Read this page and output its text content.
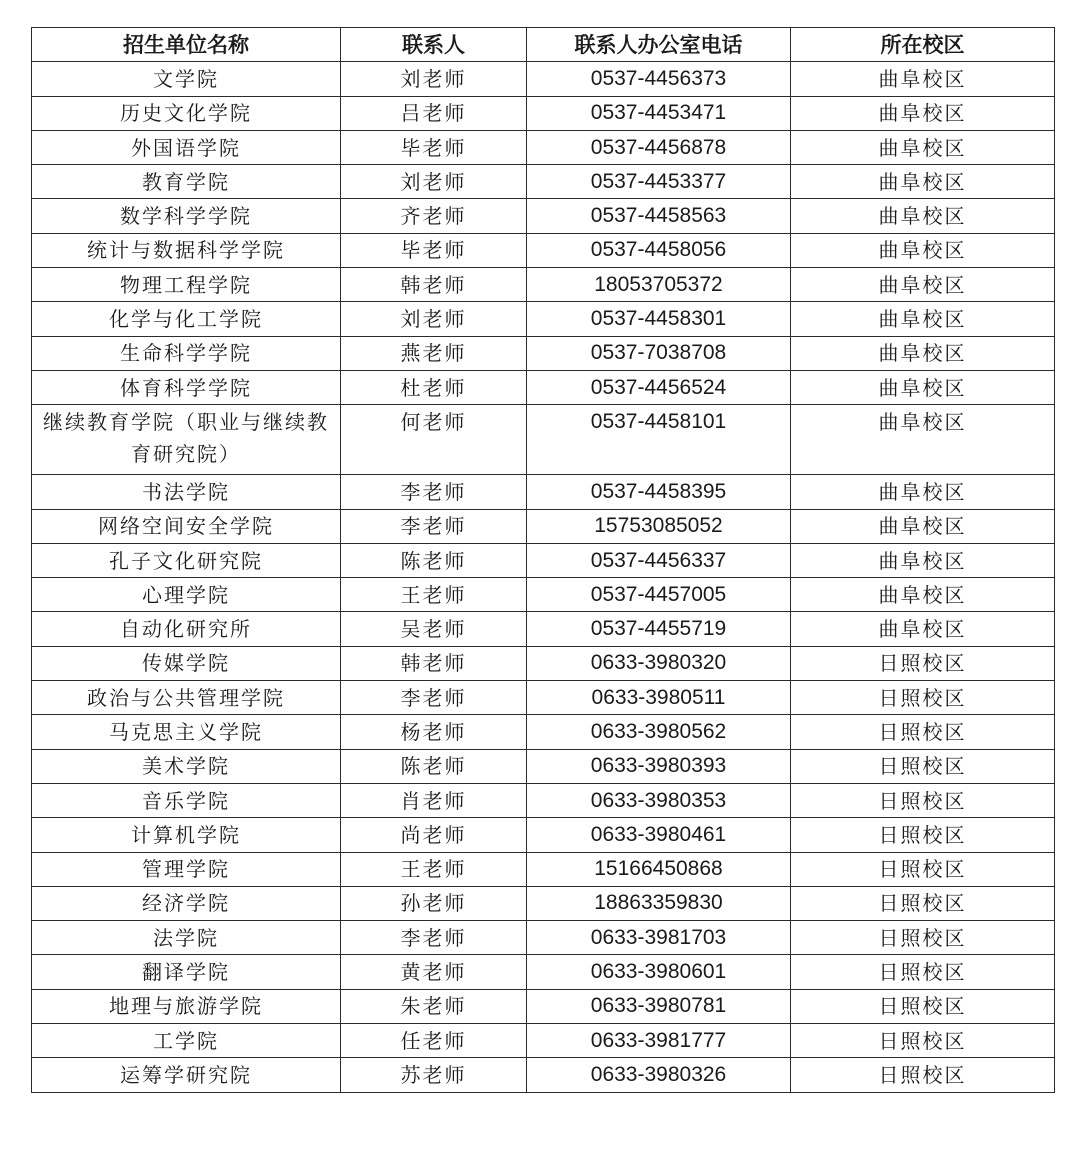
招生单位名称	联系人	联系人办公室电话	所在校区
文学院	刘老师	0537-4456373	曲阜校区
历史文化学院	吕老师	0537-4453471	曲阜校区
外国语学院	毕老师	0537-4456878	曲阜校区
教育学院	刘老师	0537-4453377	曲阜校区
数学科学学院	齐老师	0537-4458563	曲阜校区
统计与数据科学学院	毕老师	0537-4458056	曲阜校区
物理工程学院	韩老师	18053705372	曲阜校区
化学与化工学院	刘老师	0537-4458301	曲阜校区
生命科学学院	燕老师	0537-7038708	曲阜校区
体育科学学院	杜老师	0537-4456524	曲阜校区
继续教育学院（职业与继续教育研究院）	何老师	0537-4458101	曲阜校区
书法学院	李老师	0537-4458395	曲阜校区
网络空间安全学院	李老师	15753085052	曲阜校区
孔子文化研究院	陈老师	0537-4456337	曲阜校区
心理学院	王老师	0537-4457005	曲阜校区
自动化研究所	吴老师	0537-4455719	曲阜校区
传媒学院	韩老师	0633-3980320	日照校区
政治与公共管理学院	李老师	0633-3980511	日照校区
马克思主义学院	杨老师	0633-3980562	日照校区
美术学院	陈老师	0633-3980393	日照校区
音乐学院	肖老师	0633-3980353	日照校区
计算机学院	尚老师	0633-3980461	日照校区
管理学院	王老师	15166450868	日照校区
经济学院	孙老师	18863359830	日照校区
法学院	李老师	0633-3981703	日照校区
翻译学院	黄老师	0633-3980601	日照校区
地理与旅游学院	朱老师	0633-3980781	日照校区
工学院	任老师	0633-3981777	日照校区
运筹学研究院	苏老师	0633-3980326	日照校区
